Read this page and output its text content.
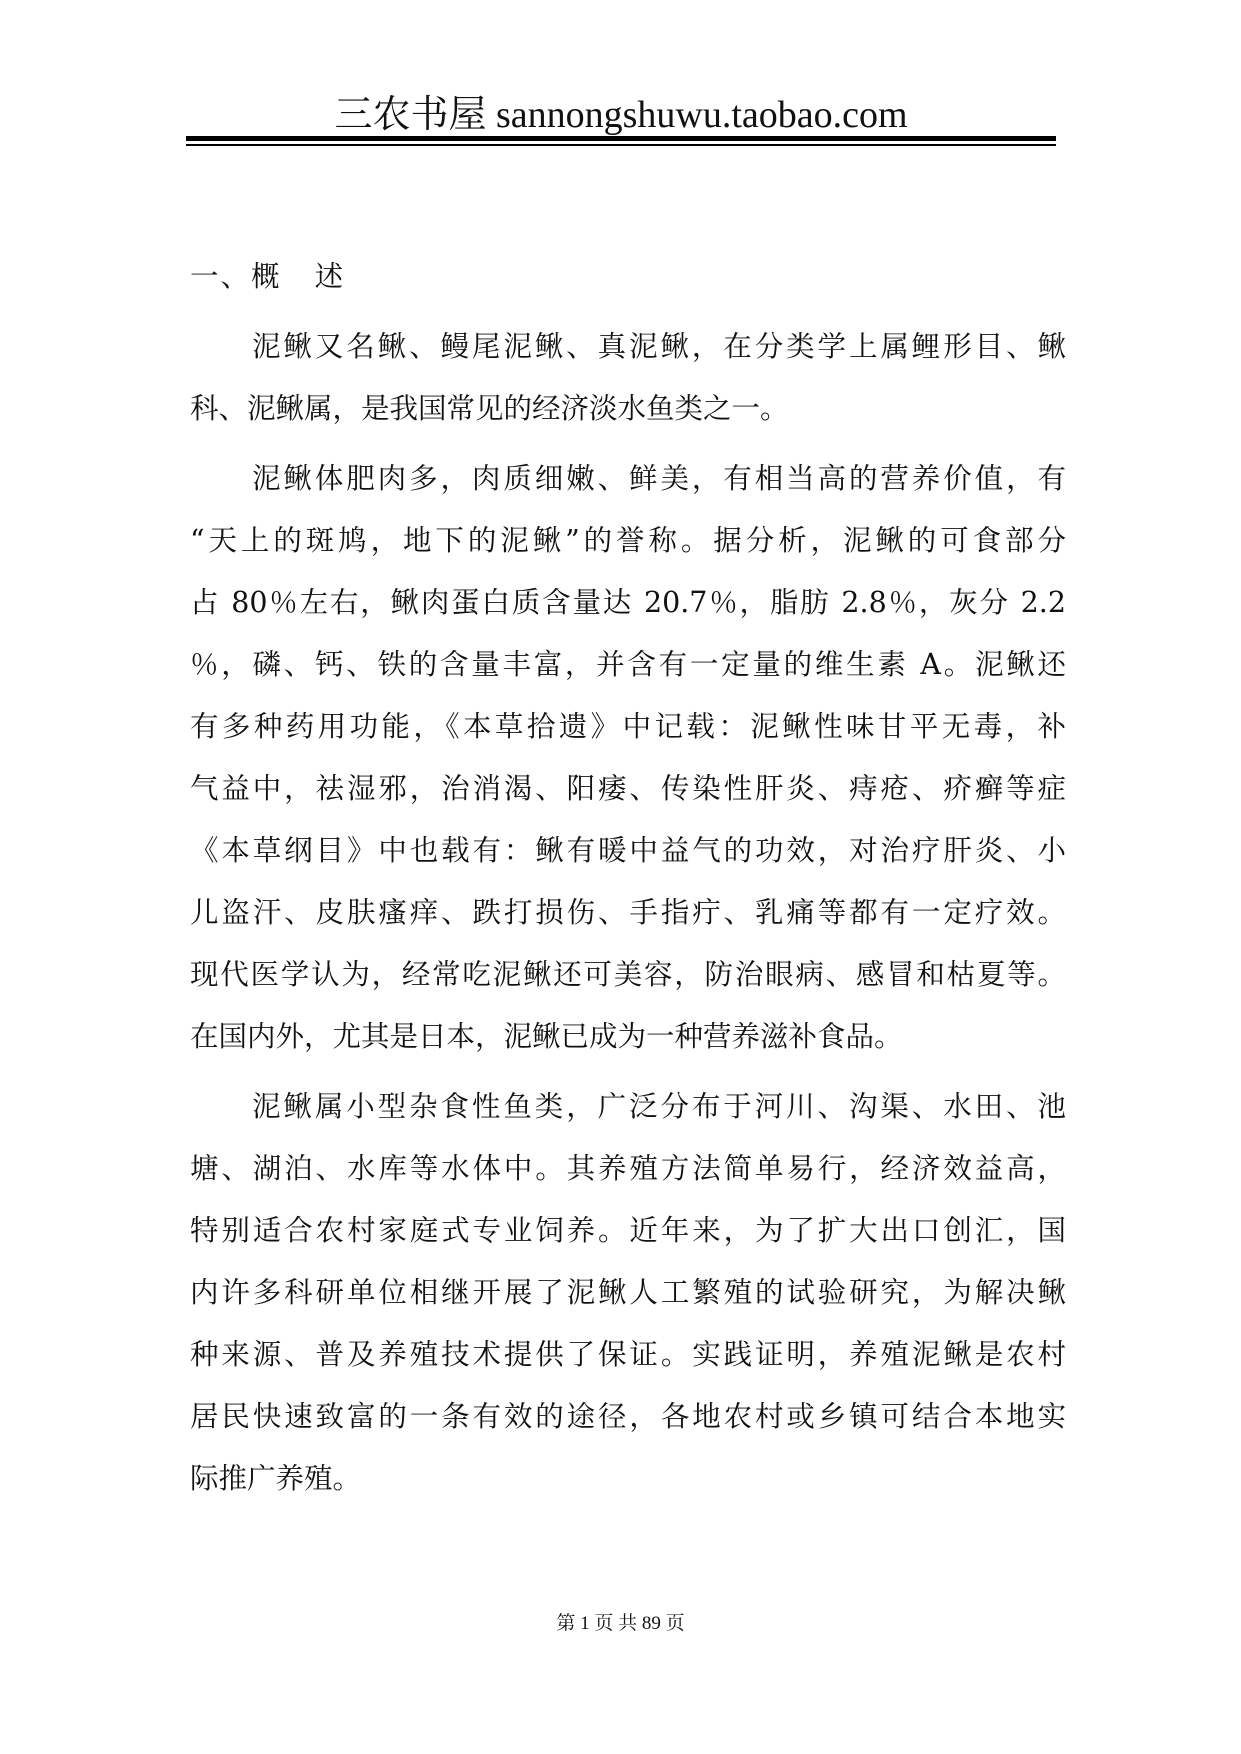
三农书屋 sannongshuwu.taobao.com
一、概   述
泥鳅又名鳅、鳗尾泥鳅、真泥鳅，在分类学上属鲤形目、鳅
科、泥鳅属，是我国常见的经济淡水鱼类之一。
泥鳅体肥肉多，肉质细嫩、鲜美，有相当高的营养价值，有
“天上的斑鸠，地下的泥鳅”的誉称。据分析，泥鳅的可食部分
占 80％左右，鳅肉蛋白质含量达 20.7％，脂肪 2.8％，灰分 2.2
％，磷、钙、铁的含量丰富，并含有一定量的维生素 A。泥鳅还
有多种药用功能，《本草拾遗》中记载：泥鳅性味甘平无毒，补
气益中，祛湿邪，治消渴、阳痿、传染性肝炎、痔疮、疥癣等症
《本草纲目》中也载有：鳅有暖中益气的功效，对治疗肝炎、小
儿盗汗、皮肤瘙痒、跌打损伤、手指疔、乳痛等都有一定疗效。
现代医学认为，经常吃泥鳅还可美容，防治眼病、感冒和枯夏等。
在国内外，尤其是日本，泥鳅已成为一种营养滋补食品。
泥鳅属小型杂食性鱼类，广泛分布于河川、沟渠、水田、池
塘、湖泊、水库等水体中。其养殖方法简单易行，经济效益高，
特别适合农村家庭式专业饲养。近年来，为了扩大出口创汇，国
内许多科研单位相继开展了泥鳅人工繁殖的试验研究，为解决鳅
种来源、普及养殖技术提供了保证。实践证明，养殖泥鳅是农村
居民快速致富的一条有效的途径，各地农村或乡镇可结合本地实
际推广养殖。
第 1 页 共 89 页
